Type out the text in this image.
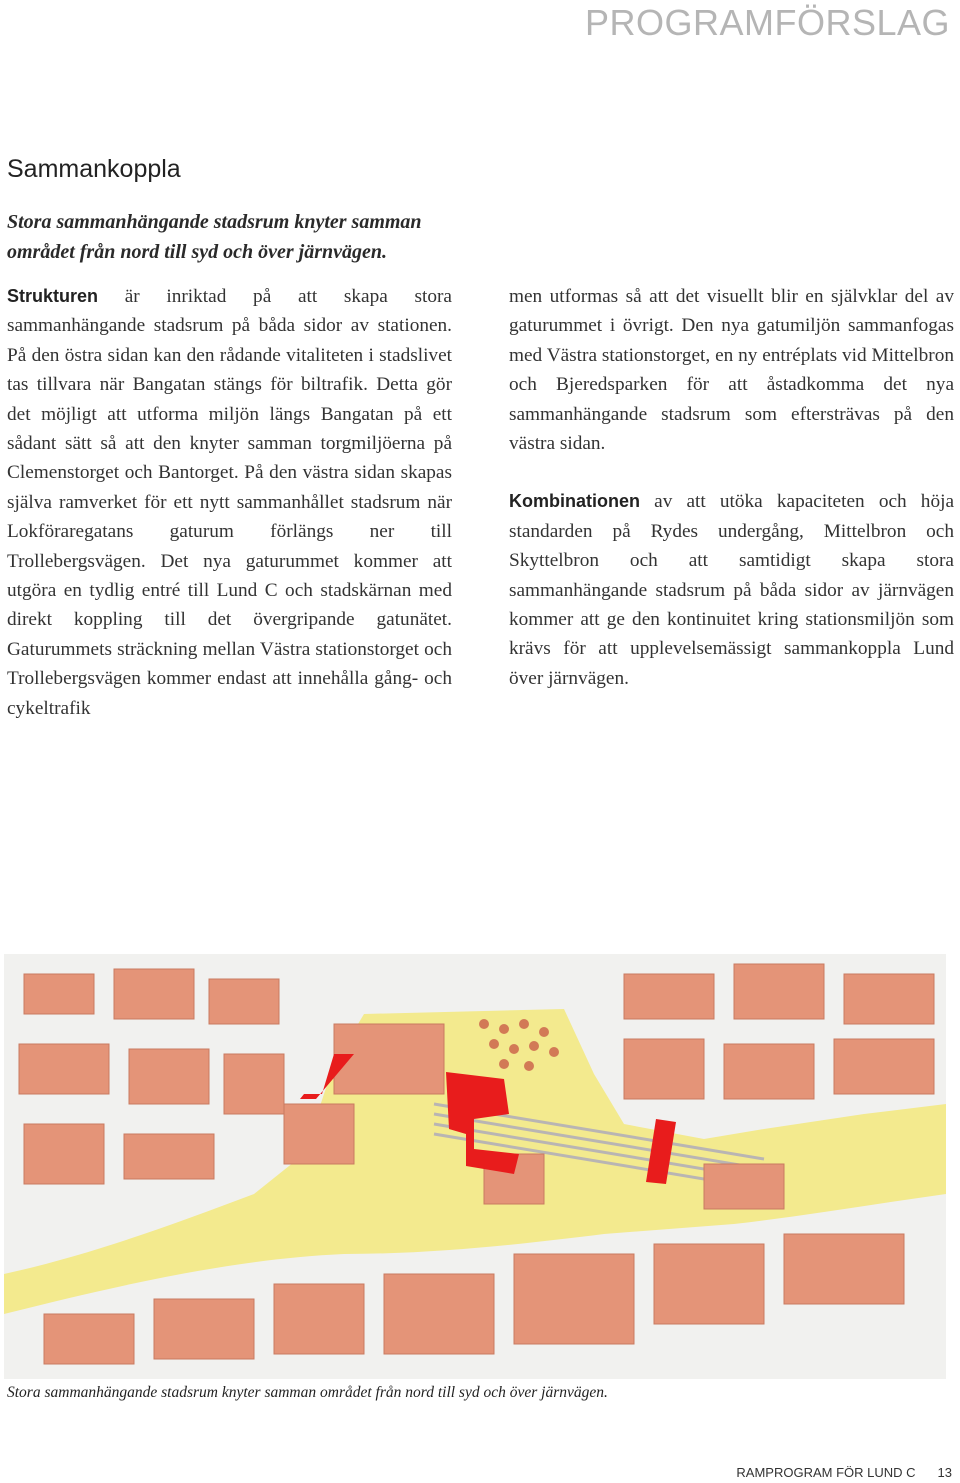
PROGRAMFÖRSLAG
Sammankoppla
Stora sammanhängande stadsrum knyter samman området från nord till syd och över järnvägen.

Strukturen är inriktad på att skapa stora sammanhängande stadsrum på båda sidor av stationen. På den östra sidan kan den rådande vitaliteten i stadslivet tas tillvara när Bangatan stängs för biltrafik. Detta gör det möjligt att utforma miljön längs Bangatan på ett sådant sätt så att den knyter samman torgmiljöerna på Clemenstorget och Bantorget. På den västra sidan skapas själva ramverket för ett nytt sammanhållet stadsrum när Lokföraregatans gaturum förlängs ner till Trollebergsvägen. Det nya gaturummet kommer att utgöra en tydlig entré till Lund C och stadskärnan med direkt koppling till det övergripande gatunätet. Gaturummets sträckning mellan Västra stationstorget och Trollebergsvägen kommer endast att innehålla gång- och cykeltrafik

men utformas så att det visuellt blir en självklar del av gaturummet i övrigt. Den nya gatumiljön sammanfogas med Västra stationstorget, en ny entréplats vid Mittelbron och Bjeredsparken för att åstadkomma det nya sammanhängande stadsrum som eftersträvas på den västra sidan.

Kombinationen av att utöka kapaciteten och höja standarden på Rydes undergång, Mittelbron och Skyttelbron och att samtidigt skapa stora sammanhängande stadsrum på båda sidor av järnvägen kommer att ge den kontinuitet kring stationsmiljön som krävs för att upplevelsemässigt sammankoppla Lund över järnvägen.

Stora sammanhängande stadsrum knyter samman området från nord till syd och över järnvägen.
RAMPROGRAM FÖR LUND C 13
